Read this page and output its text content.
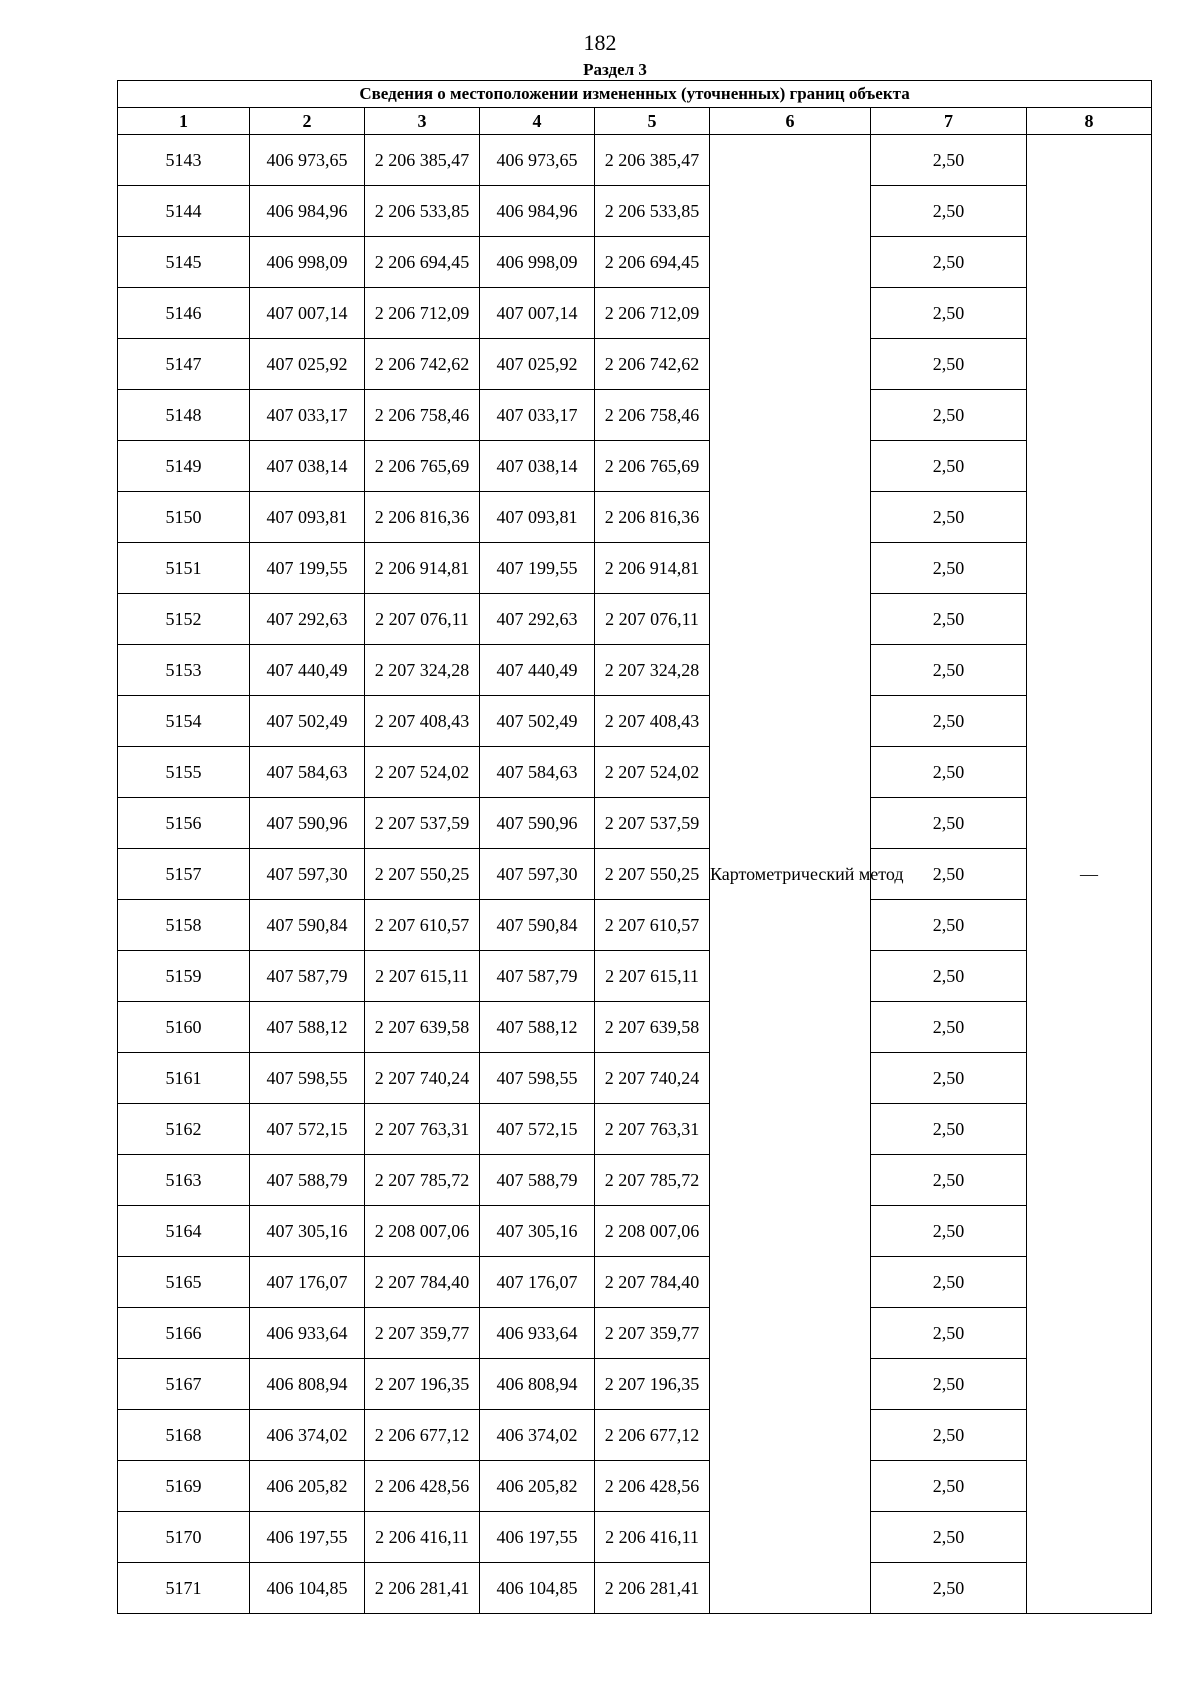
182
Раздел 3
Сведения о местоположении измененных (уточненных) границ объекта							
1	2	3	4	5	6	7	8
5143	406 973,65	2 206 385,47	406 973,65	2 206 385,47	Картометрический метод	2,50	—
5144	406 984,96	2 206 533,85	406 984,96	2 206 533,85		2,50	
5145	406 998,09	2 206 694,45	406 998,09	2 206 694,45		2,50	
5146	407 007,14	2 206 712,09	407 007,14	2 206 712,09		2,50	
5147	407 025,92	2 206 742,62	407 025,92	2 206 742,62		2,50	
5148	407 033,17	2 206 758,46	407 033,17	2 206 758,46		2,50	
5149	407 038,14	2 206 765,69	407 038,14	2 206 765,69		2,50	
5150	407 093,81	2 206 816,36	407 093,81	2 206 816,36		2,50	
5151	407 199,55	2 206 914,81	407 199,55	2 206 914,81		2,50	
5152	407 292,63	2 207 076,11	407 292,63	2 207 076,11		2,50	
5153	407 440,49	2 207 324,28	407 440,49	2 207 324,28		2,50	
5154	407 502,49	2 207 408,43	407 502,49	2 207 408,43		2,50	
5155	407 584,63	2 207 524,02	407 584,63	2 207 524,02		2,50	
5156	407 590,96	2 207 537,59	407 590,96	2 207 537,59		2,50	
5157	407 597,30	2 207 550,25	407 597,30	2 207 550,25		2,50	
5158	407 590,84	2 207 610,57	407 590,84	2 207 610,57		2,50	
5159	407 587,79	2 207 615,11	407 587,79	2 207 615,11		2,50	
5160	407 588,12	2 207 639,58	407 588,12	2 207 639,58		2,50	
5161	407 598,55	2 207 740,24	407 598,55	2 207 740,24		2,50	
5162	407 572,15	2 207 763,31	407 572,15	2 207 763,31		2,50	
5163	407 588,79	2 207 785,72	407 588,79	2 207 785,72		2,50	
5164	407 305,16	2 208 007,06	407 305,16	2 208 007,06		2,50	
5165	407 176,07	2 207 784,40	407 176,07	2 207 784,40		2,50	
5166	406 933,64	2 207 359,77	406 933,64	2 207 359,77		2,50	
5167	406 808,94	2 207 196,35	406 808,94	2 207 196,35		2,50	
5168	406 374,02	2 206 677,12	406 374,02	2 206 677,12		2,50	
5169	406 205,82	2 206 428,56	406 205,82	2 206 428,56		2,50	
5170	406 197,55	2 206 416,11	406 197,55	2 206 416,11		2,50	
5171	406 104,85	2 206 281,41	406 104,85	2 206 281,41		2,50	
